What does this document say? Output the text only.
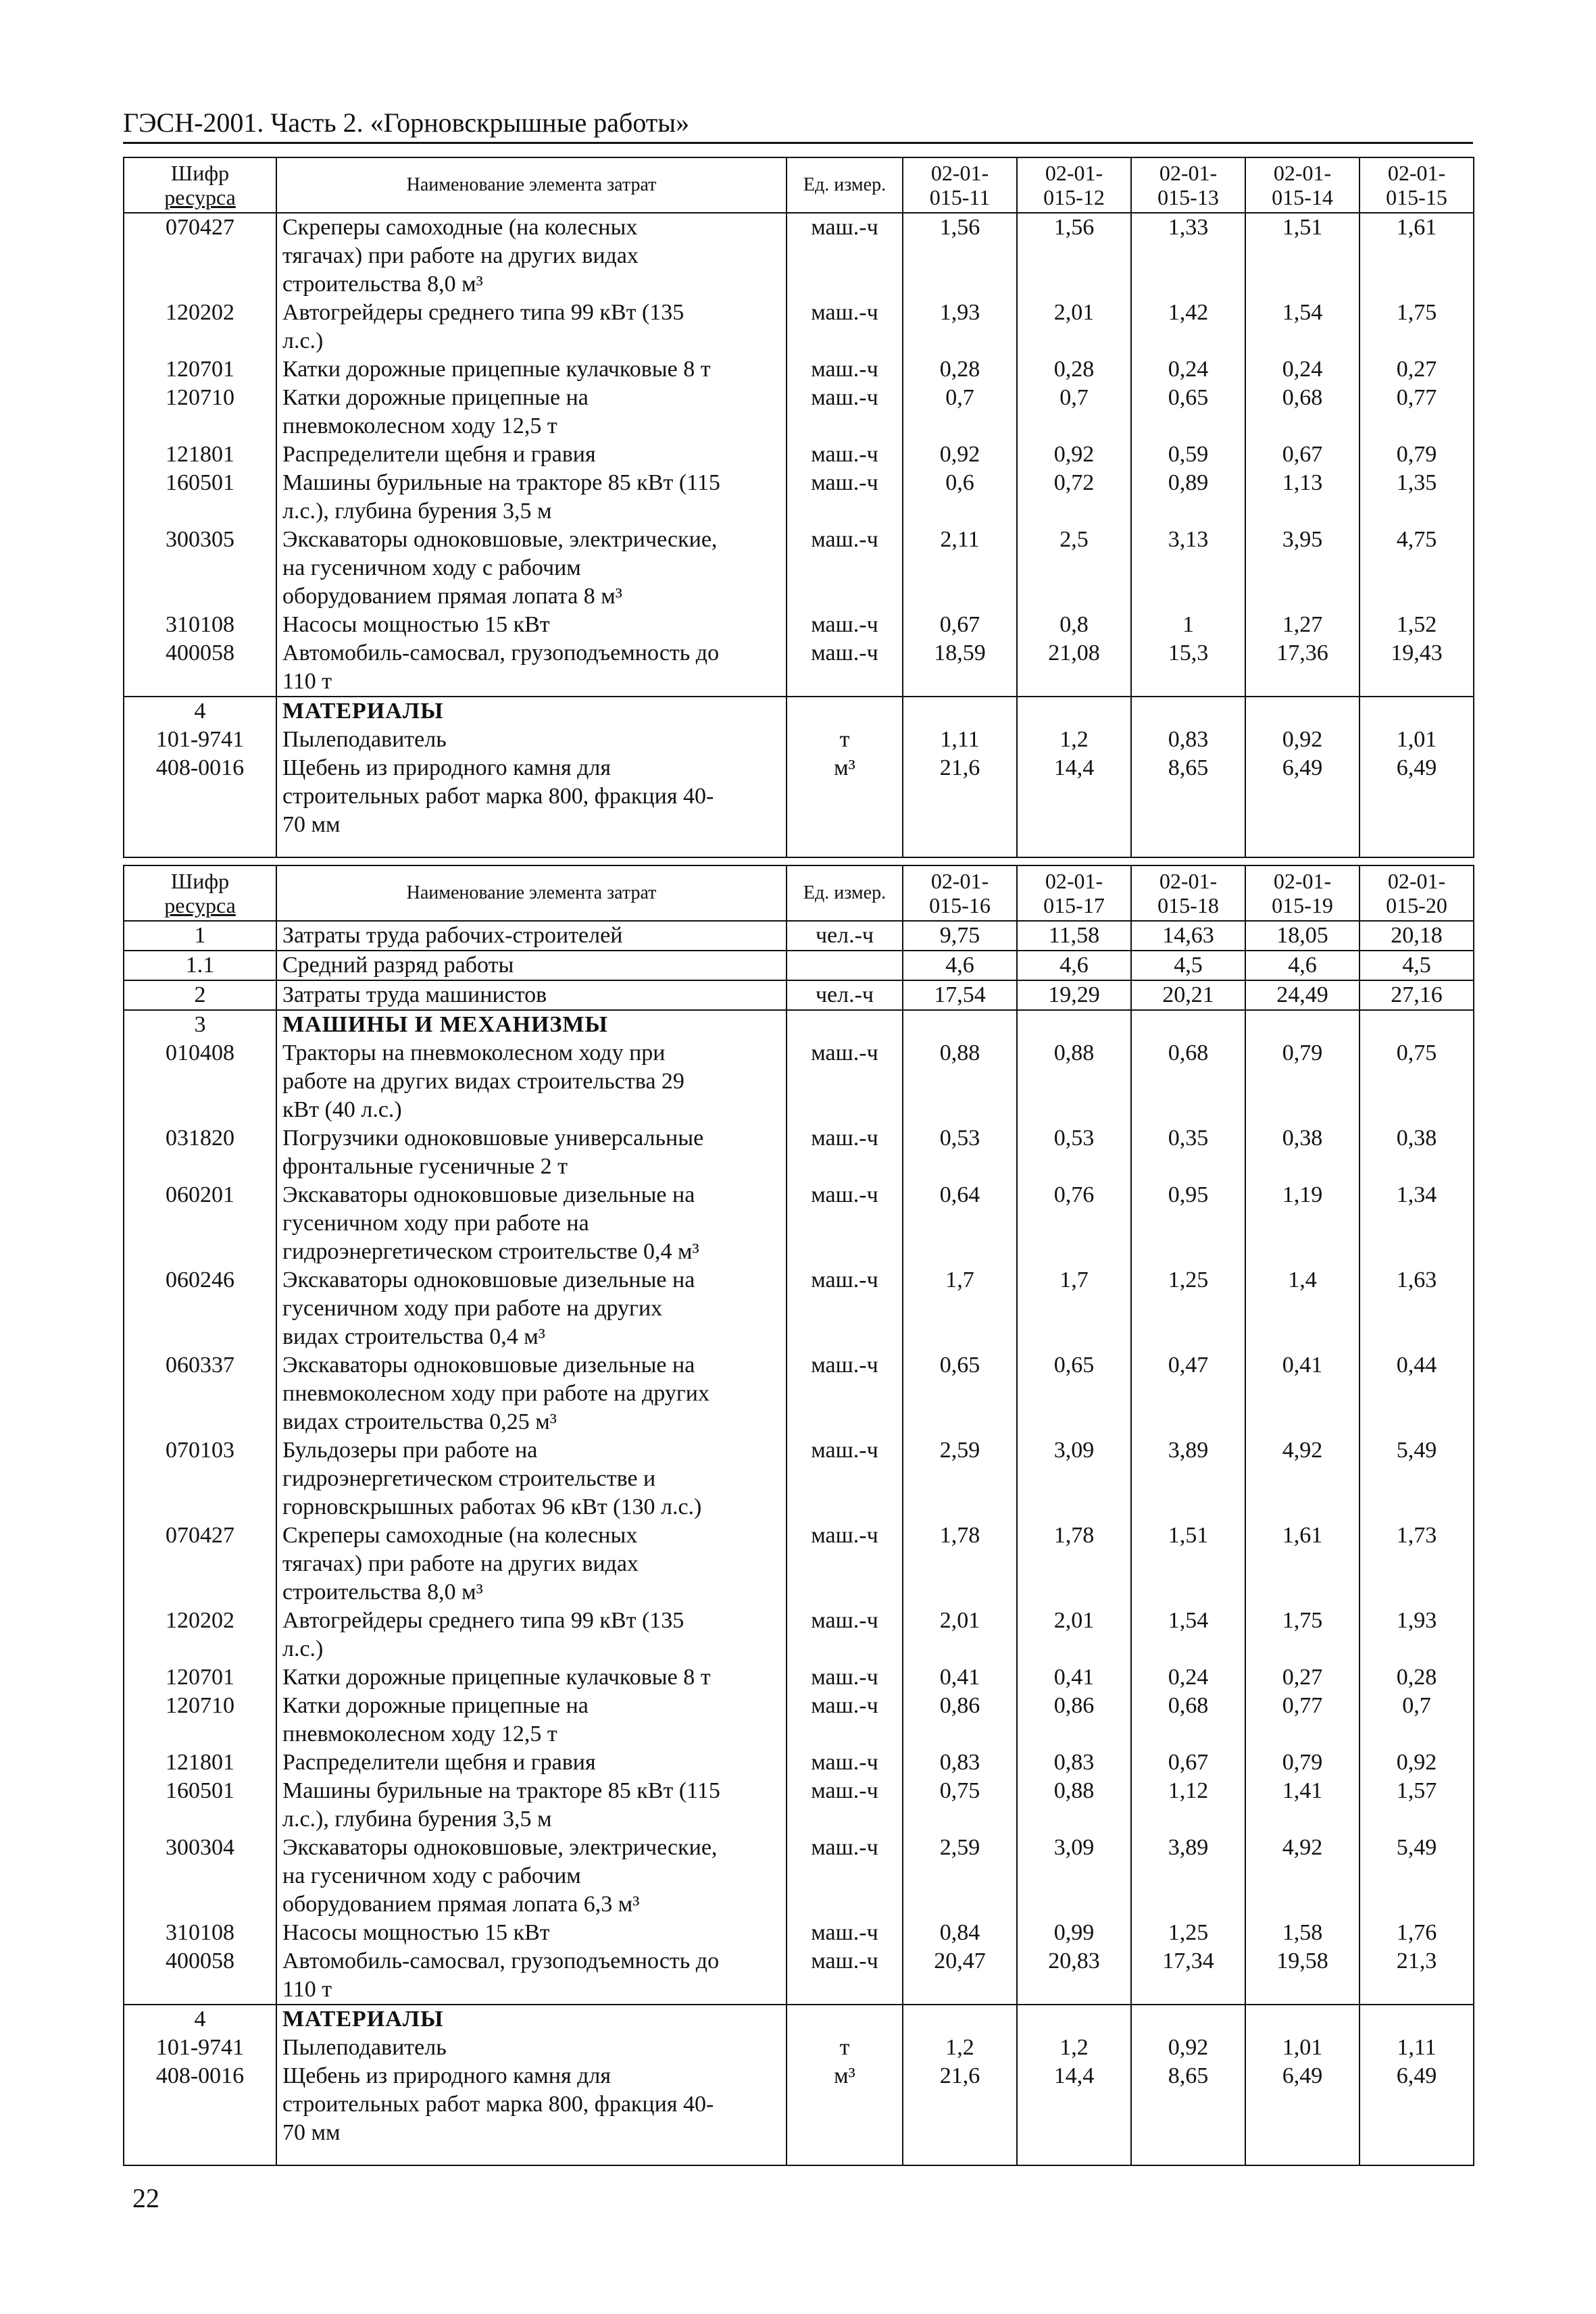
ГЭСН-2001. Часть 2. «Горновскрышные работы»
Шифр
ресурса	Наименование элемента затрат	Ед. измер.	02-01-
015-11	02-01-
015-12	02-01-
015-13	02-01-
015-14	02-01-
015-15

070427	Скреперы самоходные (на колесных
тягачах) при работе на других видах
строительства 8,0 м³	маш.-ч	1,56	1,56	1,33	1,51	1,61
120202	Автогрейдеры среднего типа 99 кВт (135
л.с.)	маш.-ч	1,93	2,01	1,42	1,54	1,75
120701	Катки дорожные прицепные кулачковые 8 т	маш.-ч	0,28	0,28	0,24	0,24	0,27
120710	Катки дорожные прицепные на
пневмоколесном ходу 12,5 т	маш.-ч	0,7	0,7	0,65	0,68	0,77
121801	Распределители щебня и гравия	маш.-ч	0,92	0,92	0,59	0,67	0,79
160501	Машины бурильные на тракторе 85 кВт (115
л.с.), глубина бурения 3,5 м	маш.-ч	0,6	0,72	0,89	1,13	1,35
300305	Экскаваторы одноковшовые, электрические,
на гусеничном ходу с рабочим
оборудованием прямая лопата 8 м³	маш.-ч	2,11	2,5	3,13	3,95	4,75
310108	Насосы мощностью 15 кВт	маш.-ч	0,67	0,8	1	1,27	1,52
400058	Автомобиль-самосвал, грузоподъемность до
110 т	маш.-ч	18,59	21,08	15,3	17,36	19,43
4	МАТЕРИАЛЫ						

101-9741	Пылеподавитель	т	1,11	1,2	0,83	0,92	1,01
408-0016	Щебень из природного камня для
строительных работ марка 800, фракция 40-
70 мм	м³	21,6	14,4	8,65	6,49	6,49

Шифр
ресурса	Наименование элемента затрат	Ед. измер.	02-01-
015-16	02-01-
015-17	02-01-
015-18	02-01-
015-19	02-01-
015-20

1	Затраты труда рабочих-строителей	чел.-ч	9,75	11,58	14,63	18,05	20,18
1.1	Средний разряд работы		4,6	4,6	4,5	4,6	4,5
2	Затраты труда машинистов	чел.-ч	17,54	19,29	20,21	24,49	27,16
3	МАШИНЫ И МЕХАНИЗМЫ						

010408	Тракторы на пневмоколесном ходу при
работе на других видах строительства 29
кВт (40 л.с.)	маш.-ч	0,88	0,88	0,68	0,79	0,75
031820	Погрузчики одноковшовые универсальные
фронтальные гусеничные 2 т	маш.-ч	0,53	0,53	0,35	0,38	0,38
060201	Экскаваторы одноковшовые дизельные на
гусеничном ходу при работе на
гидроэнергетическом строительстве 0,4 м³	маш.-ч	0,64	0,76	0,95	1,19	1,34
060246	Экскаваторы одноковшовые дизельные на
гусеничном ходу при работе на других
видах строительства 0,4 м³	маш.-ч	1,7	1,7	1,25	1,4	1,63
060337	Экскаваторы одноковшовые дизельные на
пневмоколесном ходу при работе на других
видах строительства 0,25 м³	маш.-ч	0,65	0,65	0,47	0,41	0,44
070103	Бульдозеры при работе на
гидроэнергетическом строительстве и
горновскрышных работах 96 кВт (130 л.с.)	маш.-ч	2,59	3,09	3,89	4,92	5,49
070427	Скреперы самоходные (на колесных
тягачах) при работе на других видах
строительства 8,0 м³	маш.-ч	1,78	1,78	1,51	1,61	1,73
120202	Автогрейдеры среднего типа 99 кВт (135
л.с.)	маш.-ч	2,01	2,01	1,54	1,75	1,93
120701	Катки дорожные прицепные кулачковые 8 т	маш.-ч	0,41	0,41	0,24	0,27	0,28
120710	Катки дорожные прицепные на
пневмоколесном ходу 12,5 т	маш.-ч	0,86	0,86	0,68	0,77	0,7
121801	Распределители щебня и гравия	маш.-ч	0,83	0,83	0,67	0,79	0,92
160501	Машины бурильные на тракторе 85 кВт (115
л.с.), глубина бурения 3,5 м	маш.-ч	0,75	0,88	1,12	1,41	1,57
300304	Экскаваторы одноковшовые, электрические,
на гусеничном ходу с рабочим
оборудованием прямая лопата 6,3 м³	маш.-ч	2,59	3,09	3,89	4,92	5,49
310108	Насосы мощностью 15 кВт	маш.-ч	0,84	0,99	1,25	1,58	1,76
400058	Автомобиль-самосвал, грузоподъемность до
110 т	маш.-ч	20,47	20,83	17,34	19,58	21,3
4	МАТЕРИАЛЫ						

101-9741	Пылеподавитель	т	1,2	1,2	0,92	1,01	1,11
408-0016	Щебень из природного камня для
строительных работ марка 800, фракция 40-
70 мм	м³	21,6	14,4	8,65	6,49	6,49

22
